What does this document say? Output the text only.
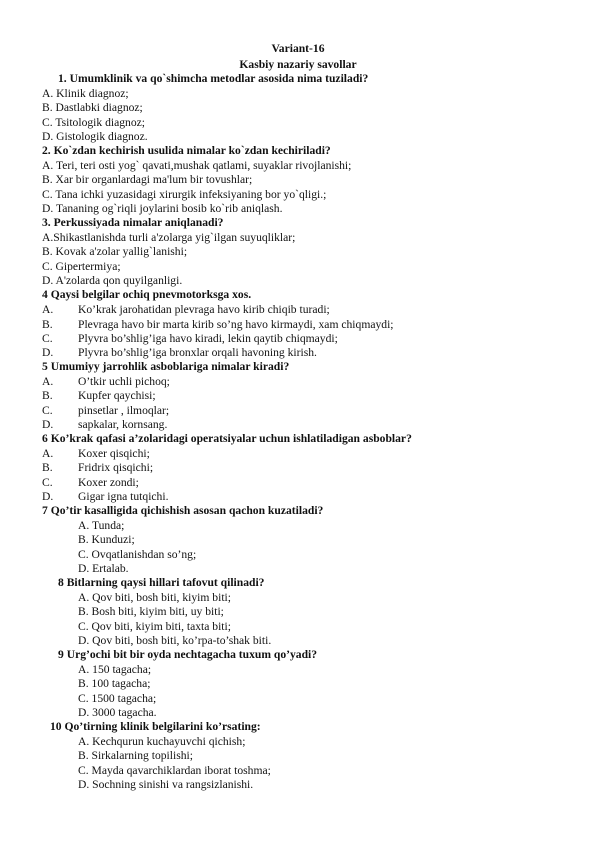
Variant-16
Kasbiy nazariy savollar
1. Umumklinik va qo`shimcha metodlar asosida nima tuziladi?
A. Klinik diagnoz;
B. Dastlabki diagnoz;
C. Tsitologik diagnoz;
D. Gistologik diagnoz.
2. Ko`zdan kechirish usulida nimalar ko`zdan kechiriladi?
A. Teri, teri osti yog` qavati,mushak qatlami, suyaklar rivojlanishi;
B. Xar bir organlardagi ma'lum bir tovushlar;
C. Tana ichki yuzasidagi xirurgik infeksiyaning bor yo`qligi.;
D. Tananing og`riqli joylarini bosib ko`rib aniqlash.
3. Perkussiyada nimalar aniqlanadi?
A.Shikastlanishda turli a'zolarga yig`ilgan suyuqliklar;
B. Kovak a'zolar yallig`lanishi;
C. Gipertermiya;
D. A'zolarda qon quyilganligi.
4 Qaysi belgilar ochiq pnevmotorksga xos.
A. Ko’krak jarohatidan plevraga havo kirib chiqib turadi;
B. Plevraga havo bir marta kirib so’ng havo kirmaydi, xam chiqmaydi;
C. Plyvra bo’shlig’iga havo kiradi, lekin qaytib chiqmaydi;
D. Plyvra bo’shlig’iga bronxlar orqali havoning kirish.
5 Umumiyy jarrohlik asboblariga nimalar kiradi?
A. O’tkir uchli pichoq;
B. Kupfer qaychisi;
C. pinsetlar , ilmoqlar;
D. sapkalar, kornsang.
6 Ko’krak qafasi a’zolaridagi operatsiyalar uchun ishlatiladigan asboblar?
A. Koxer qisqichi;
B. Fridrix qisqichi;
C. Koxer zondi;
D. Gigar igna tutqichi.
7 Qo’tir kasalligida qichishish asosan qachon kuzatiladi?
A. Tunda;
B. Kunduzi;
C. Ovqatlanishdan so’ng;
D. Ertalab.
8 Bitlarning qaysi hillari tafovut qilinadi?
A. Qov biti, bosh biti, kiyim biti;
B. Bosh biti, kiyim biti, uy biti;
C. Qov biti, kiyim biti, taxta biti;
D. Qov biti, bosh biti, ko’rpa-to’shak biti.
9 Urg’ochi bit bir oyda nechtagacha tuxum qo’yadi?
A. 150 tagacha;
B. 100 tagacha;
C. 1500 tagacha;
D. 3000 tagacha.
10 Qo’tirning klinik belgilarini ko’rsating:
A. Kechqurun kuchayuvchi qichish;
B. Sirkalarning topilishi;
C. Mayda qavarchiklardan iborat toshma;
D. Sochning sinishi va rangsizlanishi.
